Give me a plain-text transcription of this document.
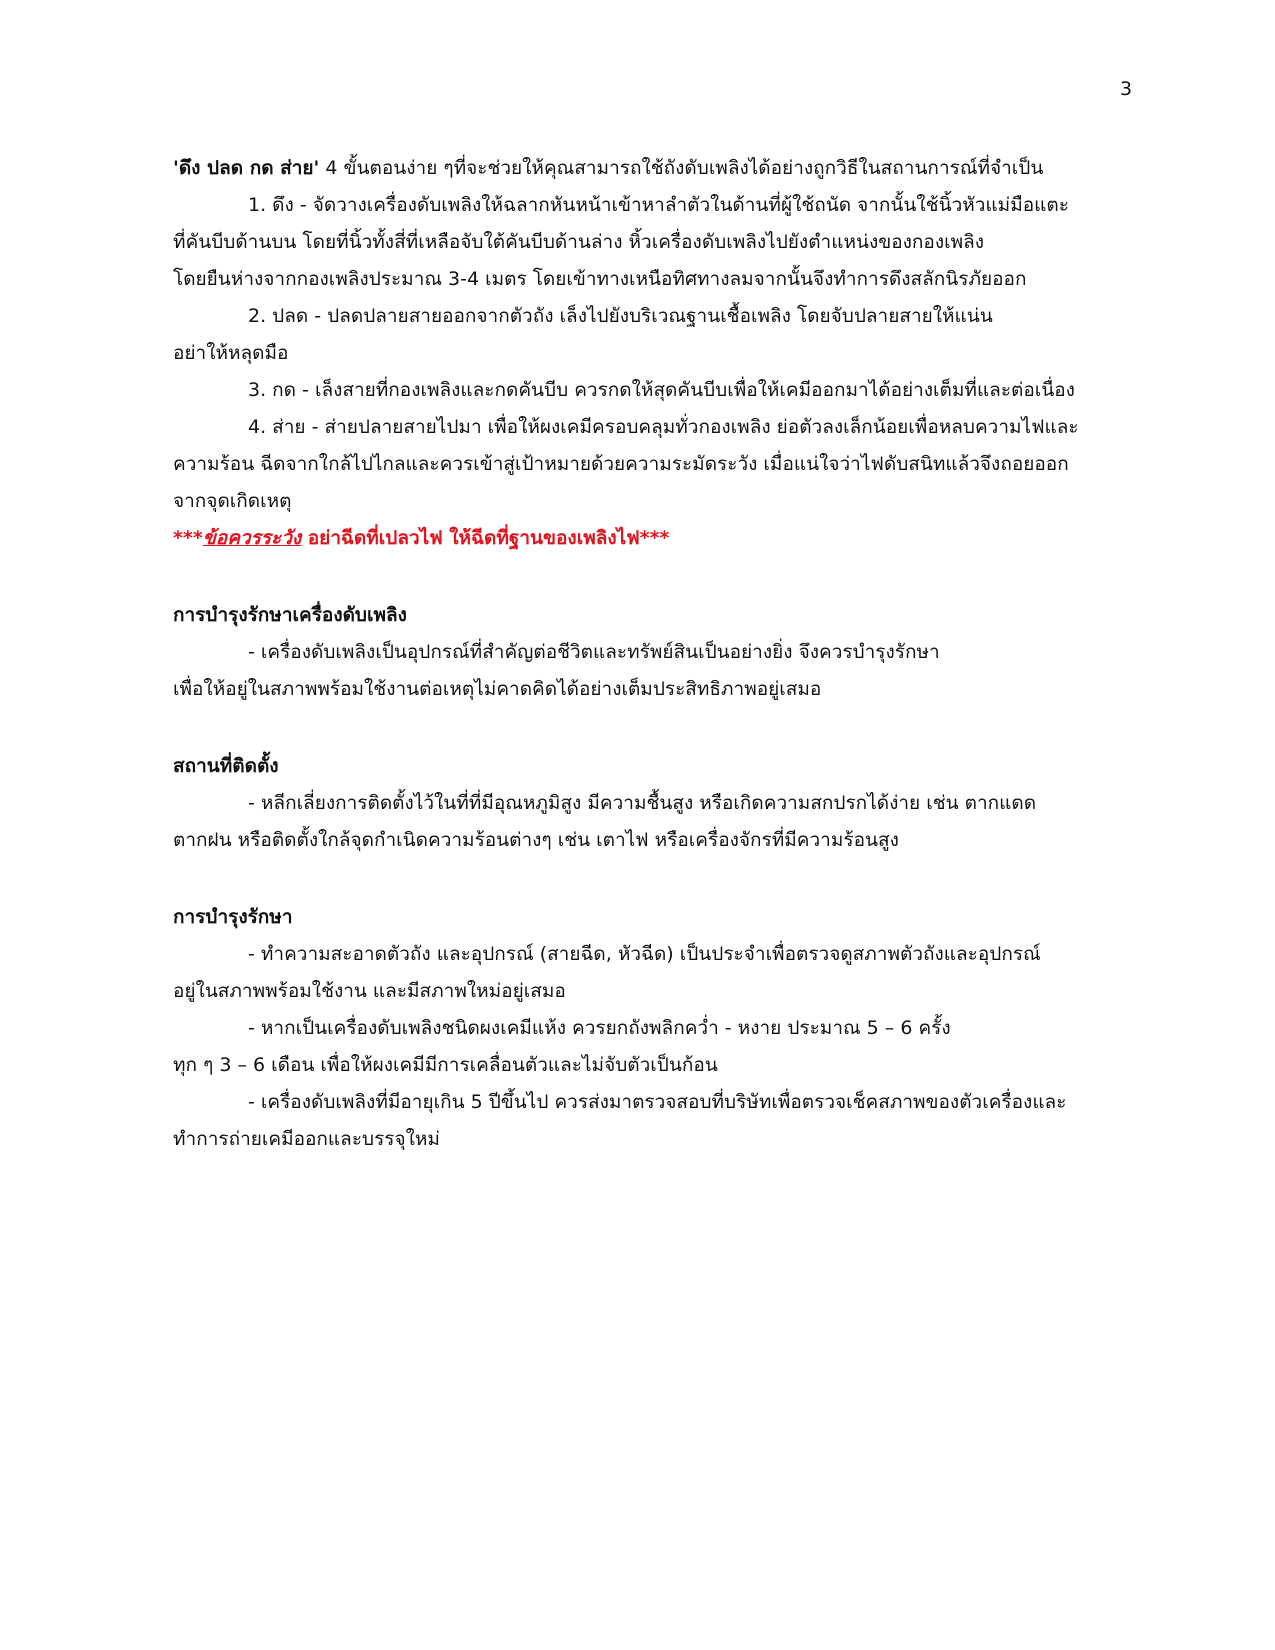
3
'ดึง ปลด กด ส่าย' 4 ขั้นตอนง่าย ๆที่จะช่วยให้คุณสามารถใช้ถังดับเพลิงได้อย่างถูกวิธีในสถานการณ์ที่จำเป็น
1. ดึง - จัดวางเครื่องดับเพลิงให้ฉลากหันหน้าเข้าหาลำตัวในด้านที่ผู้ใช้ถนัด จากนั้นใช้นิ้วหัวแม่มือแตะ
ที่คันบีบด้านบน โดยที่นิ้วทั้งสี่ที่เหลือจับใต้คันบีบด้านล่าง หิ้วเครื่องดับเพลิงไปยังตำแหน่งของกองเพลิง
โดยยืนห่างจากกองเพลิงประมาณ 3-4 เมตร โดยเข้าทางเหนือทิศทางลมจากนั้นจึงทำการดึงสลักนิรภัยออก
2. ปลด - ปลดปลายสายออกจากตัวถัง เล็งไปยังบริเวณฐานเชื้อเพลิง โดยจับปลายสายให้แน่น
อย่าให้หลุดมือ
3. กด - เล็งสายที่กองเพลิงและกดคันบีบ ควรกดให้สุดคันบีบเพื่อให้เคมีออกมาได้อย่างเต็มที่และต่อเนื่อง
4. ส่าย - ส่ายปลายสายไปมา เพื่อให้ผงเคมีครอบคลุมทั่วกองเพลิง ย่อตัวลงเล็กน้อยเพื่อหลบความไฟและ
ความร้อน ฉีดจากใกล้ไปไกลและควรเข้าสู่เป้าหมายด้วยความระมัดระวัง เมื่อแน่ใจว่าไฟดับสนิทแล้วจึงถอยออก
จากจุดเกิดเหตุ
***ข้อควรระวัง อย่าฉีดที่เปลวไฟ ให้ฉีดที่ฐานของเพลิงไฟ***
การบำรุงรักษาเครื่องดับเพลิง
- เครื่องดับเพลิงเป็นอุปกรณ์ที่สำคัญต่อชีวิตและทรัพย์สินเป็นอย่างยิ่ง จึงควรบำรุงรักษา
เพื่อให้อยู่ในสภาพพร้อมใช้งานต่อเหตุไม่คาดคิดได้อย่างเต็มประสิทธิภาพอยู่เสมอ
สถานที่ติดตั้ง
- หลีกเลี่ยงการติดตั้งไว้ในที่ที่มีอุณหภูมิสูง มีความชื้นสูง หรือเกิดความสกปรกได้ง่าย เช่น ตากแดด
ตากฝน หรือติดตั้งใกล้จุดกำเนิดความร้อนต่างๆ เช่น เตาไฟ หรือเครื่องจักรที่มีความร้อนสูง
การบำรุงรักษา
- ทำความสะอาดตัวถัง และอุปกรณ์ (สายฉีด, หัวฉีด) เป็นประจำเพื่อตรวจดูสภาพตัวถังและอุปกรณ์
อยู่ในสภาพพร้อมใช้งาน และมีสภาพใหม่อยู่เสมอ
- หากเป็นเครื่องดับเพลิงชนิดผงเคมีแห้ง ควรยกถังพลิกคว่ำ - หงาย ประมาณ 5 – 6 ครั้ง
ทุก ๆ 3 – 6 เดือน เพื่อให้ผงเคมีมีการเคลื่อนตัวและไม่จับตัวเป็นก้อน
- เครื่องดับเพลิงที่มีอายุเกิน 5 ปีขึ้นไป ควรส่งมาตรวจสอบที่บริษัทเพื่อตรวจเช็คสภาพของตัวเครื่องและ
ทำการถ่ายเคมีออกและบรรจุใหม่
